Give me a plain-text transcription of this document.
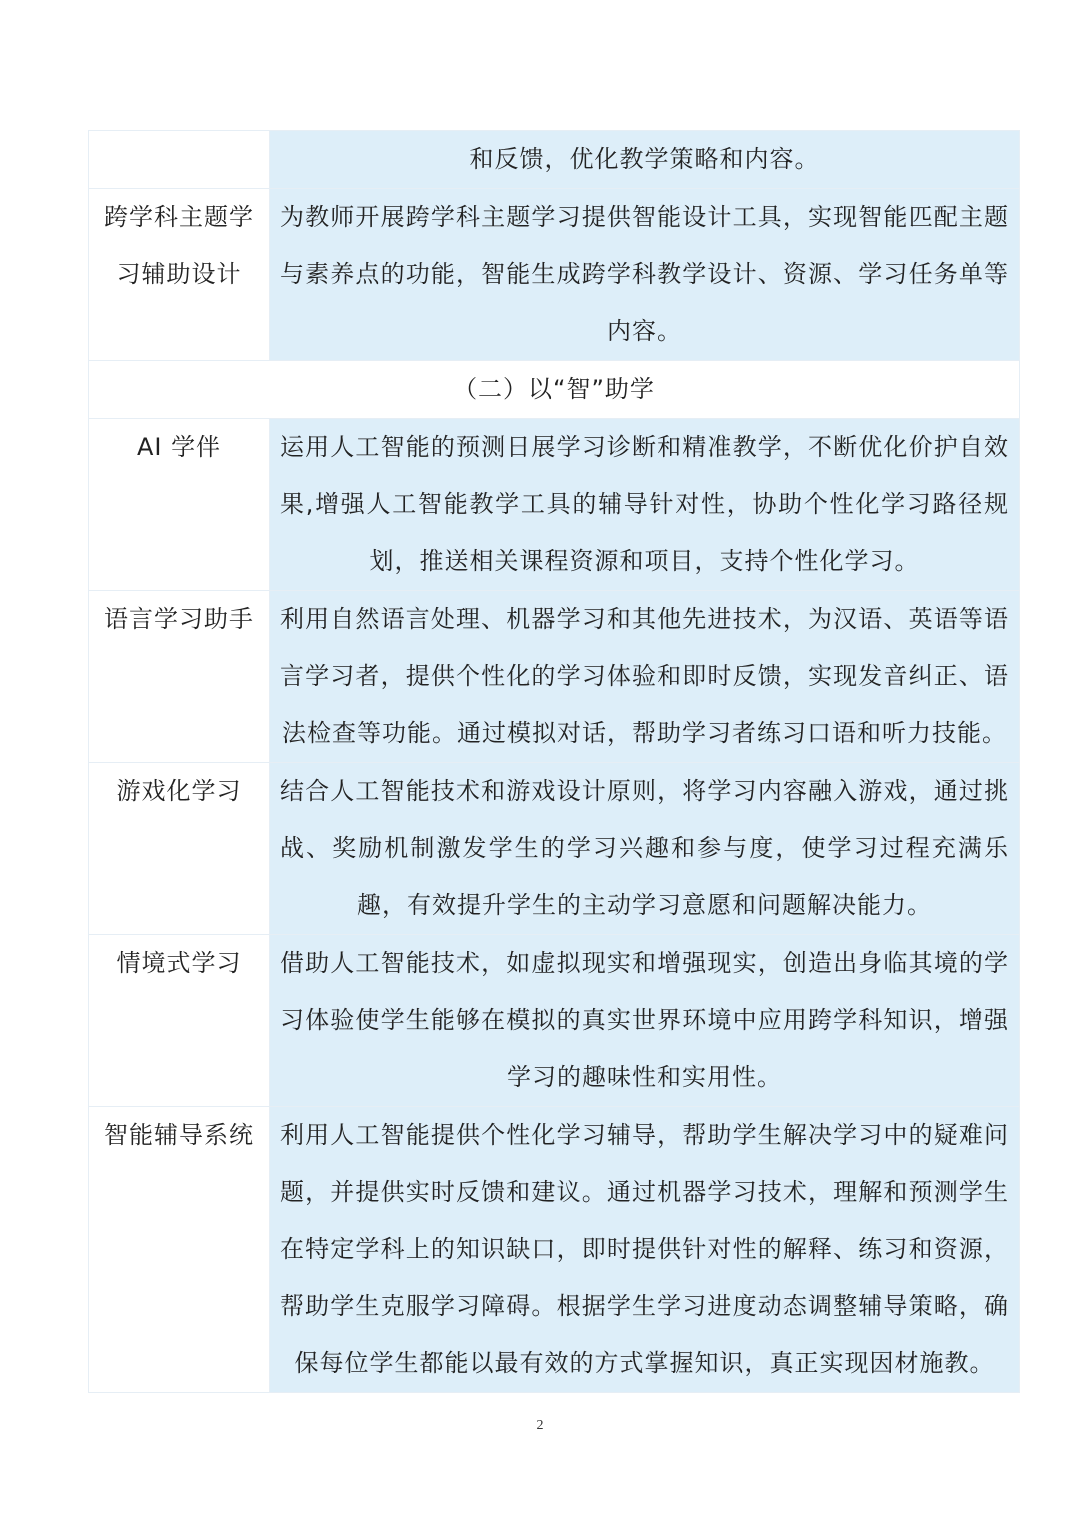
	和反馈，优化教学策略和内容。
跨学科主题学习辅助设计	为教师开展跨学科主题学习提供智能设计工具，实现智能匹配主题与素养点的功能，智能生成跨学科教学设计、资源、学习任务单等内容。
（二）以“智”助学	
AI 学伴	运用人工智能的预测日展学习诊断和精准教学，不断优化价护自效果,增强人工智能教学工具的辅导针对性，协助个性化学习路径规划，推送相关课程资源和项目，支持个性化学习。
语言学习助手	利用自然语言处理、机器学习和其他先进技术，为汉语、英语等语言学习者，提供个性化的学习体验和即时反馈，实现发音纠正、语法检查等功能。通过模拟对话，帮助学习者练习口语和听力技能。
游戏化学习	结合人工智能技术和游戏设计原则，将学习内容融入游戏，通过挑战、奖励机制激发学生的学习兴趣和参与度，使学习过程充满乐趣，有效提升学生的主动学习意愿和问题解决能力。
情境式学习	借助人工智能技术，如虚拟现实和增强现实，创造出身临其境的学习体验使学生能够在模拟的真实世界环境中应用跨学科知识，增强学习的趣味性和实用性。
智能辅导系统	利用人工智能提供个性化学习辅导，帮助学生解决学习中的疑难问题，并提供实时反馈和建议。通过机器学习技术，理解和预测学生在特定学科上的知识缺口，即时提供针对性的解释、练习和资源，帮助学生克服学习障碍。根据学生学习进度动态调整辅导策略，确保每位学生都能以最有效的方式掌握知识，真正实现因材施教。
2
